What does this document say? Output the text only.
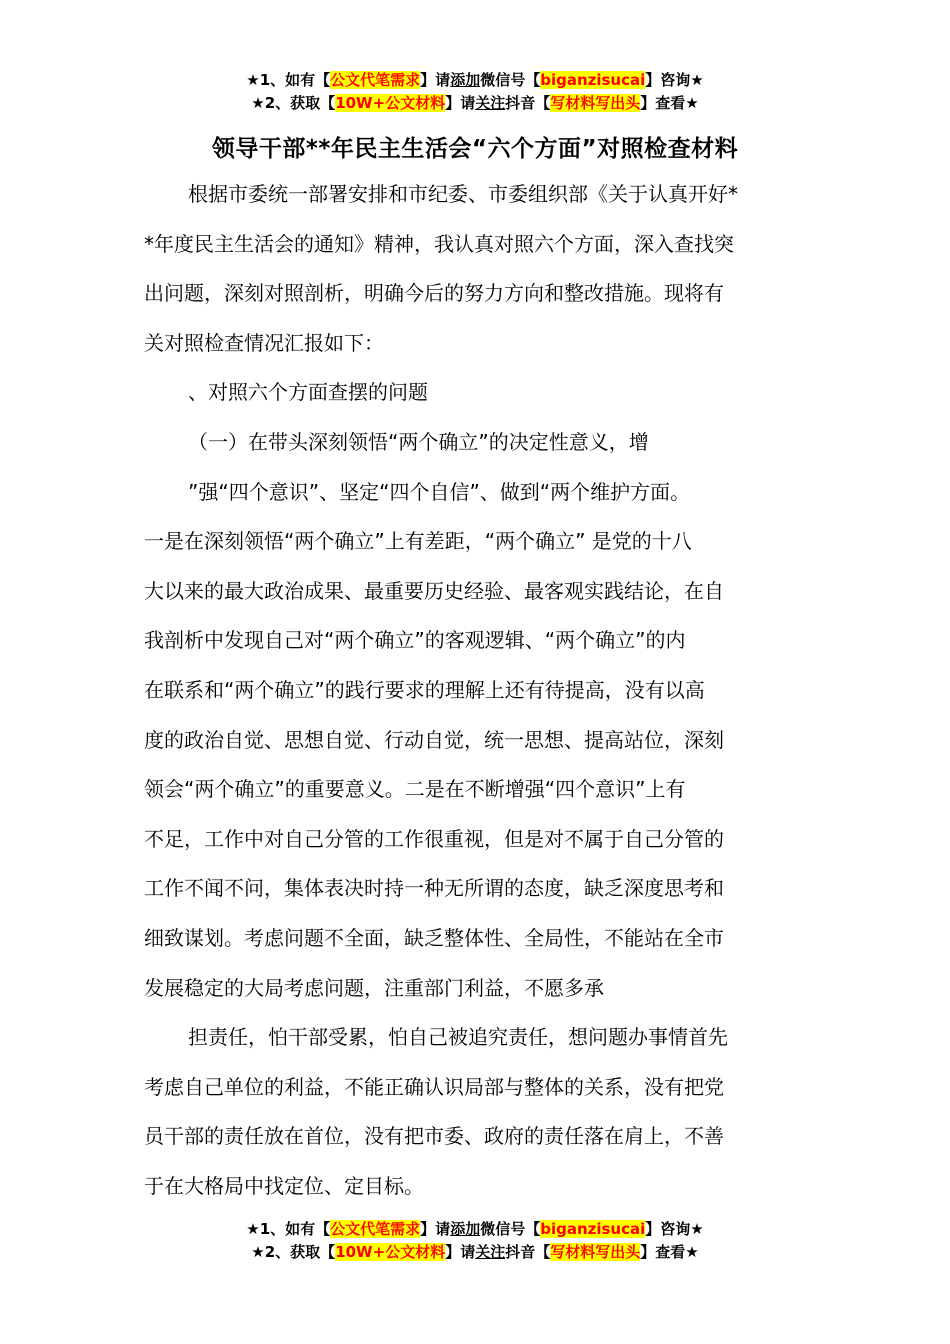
★1、如有【公文代笔需求】请添加微信号【biganzisucai】咨询★
★2、获取【10W+公文材料】请关注抖音【写材料写出头】查看★
领导干部**年民主生活会“六个方面”对照检查材料

根据市委统一部署安排和市纪委、市委组织部《关于认真开好*

*年度民主生活会的通知》精神，我认真对照六个方面，深入查找突

出问题，深刻对照剖析，明确今后的努力方向和整改措施。现将有

关对照检查情况汇报如下：

、对照六个方面查摆的问题

（一）在带头深刻领悟“两个确立”的决定性意义，增

”强“四个意识”、坚定“四个自信”、做到“两个维护方面。

一是在深刻领悟“两个确立”上有差距，“两个确立” 是党的十八

大以来的最大政治成果、最重要历史经验、最客观实践结论，在自

我剖析中发现自己对“两个确立”的客观逻辑、“两个确立”的内

在联系和“两个确立”的践行要求的理解上还有待提高，没有以高

度的政治自觉、思想自觉、行动自觉，统一思想、提高站位，深刻

领会“两个确立”的重要意义。二是在不断增强“四个意识”上有

不足，工作中对自己分管的工作很重视，但是对不属于自己分管的

工作不闻不问，集体表决时持一种无所谓的态度，缺乏深度思考和

细致谋划。考虑问题不全面，缺乏整体性、全局性，不能站在全市

发展稳定的大局考虑问题，注重部门利益，不愿多承

担责任，怕干部受累，怕自己被追究责任，想问题办事情首先

考虑自己单位的利益，不能正确认识局部与整体的关系，没有把党

员干部的责任放在首位，没有把市委、政府的责任落在肩上，不善

于在大格局中找定位、定目标。

★1、如有【公文代笔需求】请添加微信号【biganzisucai】咨询★
★2、获取【10W+公文材料】请关注抖音【写材料写出头】查看★
